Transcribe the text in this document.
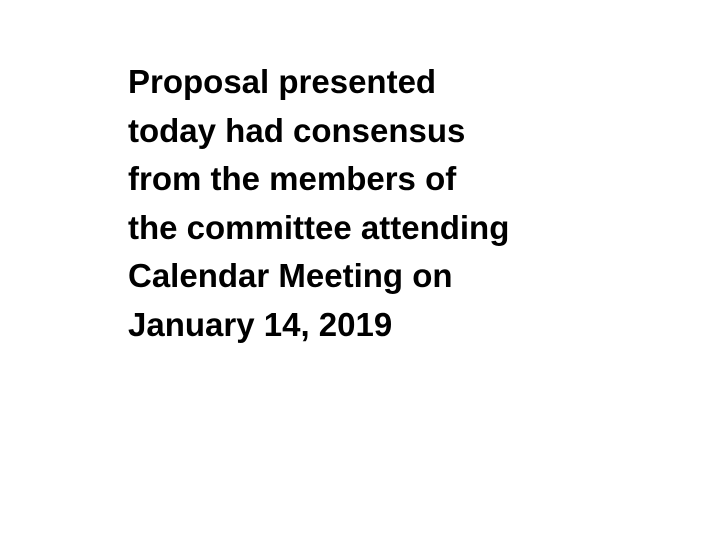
Proposal presented
today had consensus
from the members of
the committee attending
Calendar Meeting on
January 14, 2019
